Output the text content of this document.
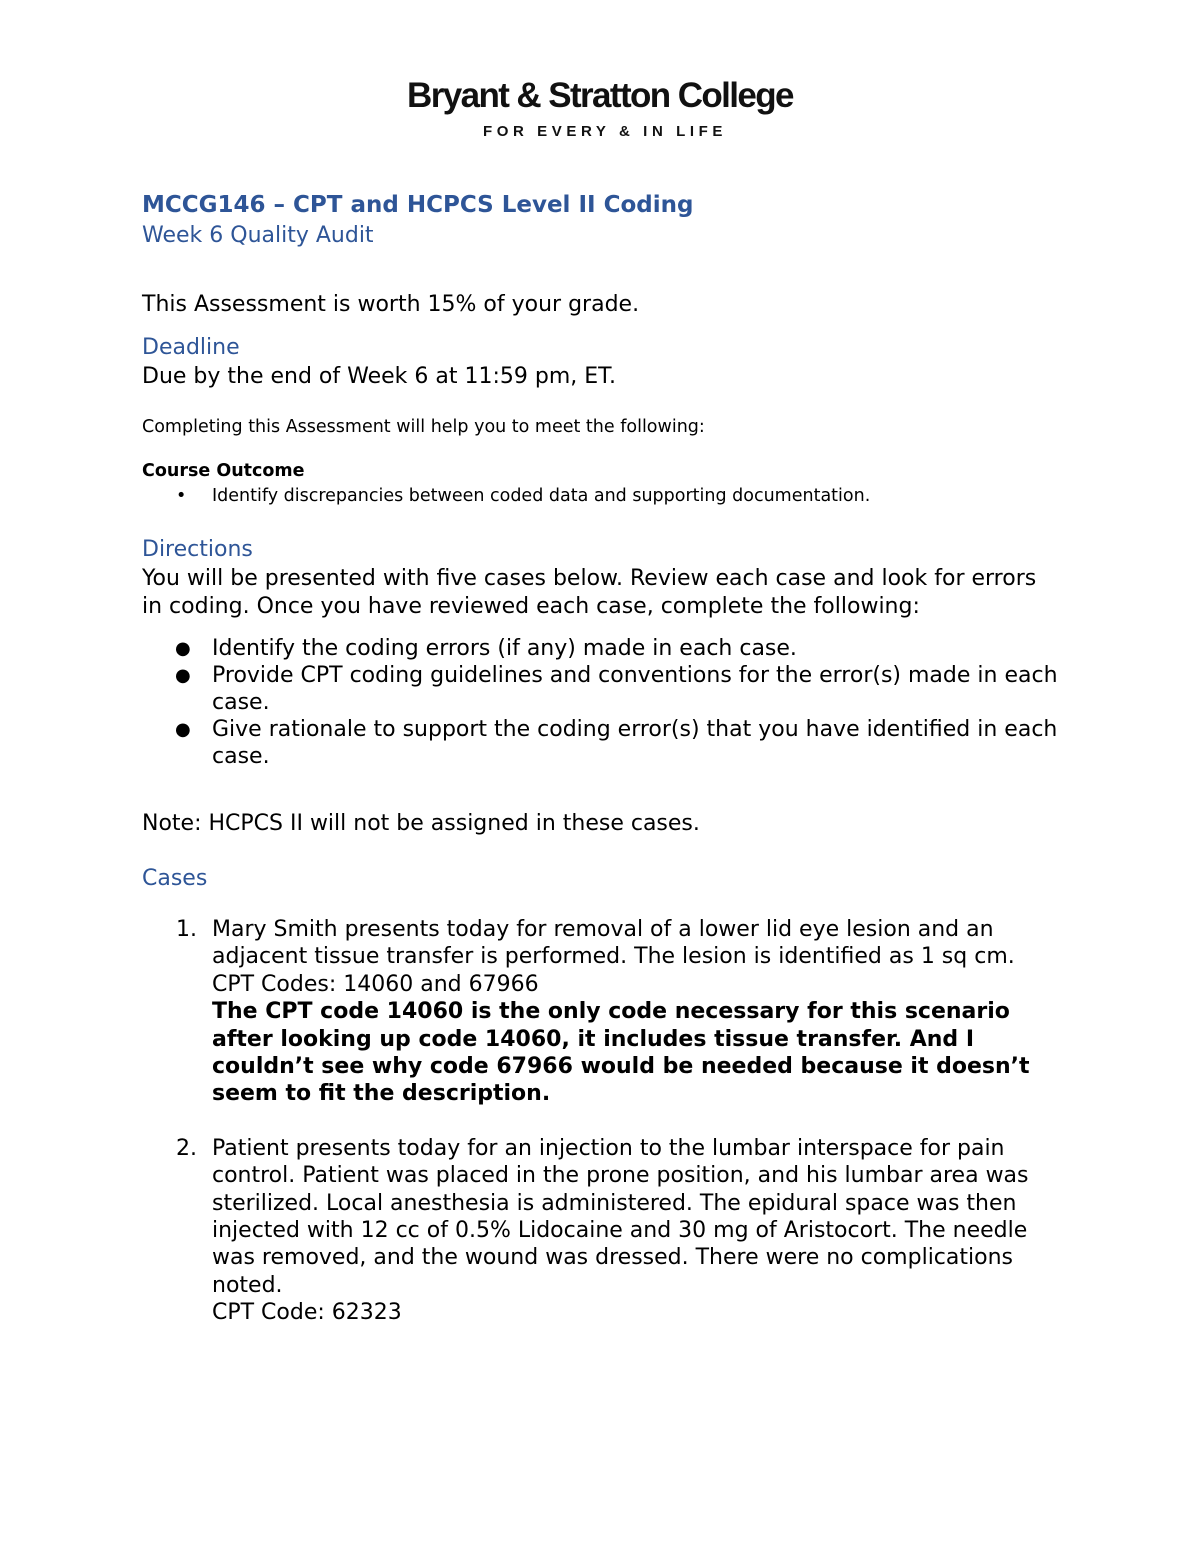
Bryant & Stratton College
FOR EVERY & IN LIFE

MCCG146 – CPT and HCPCS Level II Coding

Week 6 Quality Audit

This Assessment is worth 15% of your grade.

Deadline

Due by the end of Week 6 at 11:59 pm, ET.

Completing this Assessment will help you to meet the following:

Course Outcome

• Identify discrepancies between coded data and supporting documentation.

Directions

You will be presented with five cases below. Review each case and look for errors in coding. Once you have reviewed each case, complete the following:

● Identify the coding errors (if any) made in each case.
● Provide CPT coding guidelines and conventions for the error(s) made in each case.
● Give rationale to support the coding error(s) that you have identified in each case.

Note: HCPCS II will not be assigned in these cases.

Cases

1. Mary Smith presents today for removal of a lower lid eye lesion and an adjacent tissue transfer is performed. The lesion is identified as 1 sq cm.
CPT Codes: 14060 and 67966
The CPT code 14060 is the only code necessary for this scenario after looking up code 14060, it includes tissue transfer. And I couldn’t see why code 67966 would be needed because it doesn’t seem to fit the description.
2. Patient presents today for an injection to the lumbar interspace for pain control. Patient was placed in the prone position, and his lumbar area was sterilized. Local anesthesia is administered. The epidural space was then injected with 12 cc of 0.5% Lidocaine and 30 mg of Aristocort. The needle was removed, and the wound was dressed. There were no complications noted.
CPT Code: 62323
